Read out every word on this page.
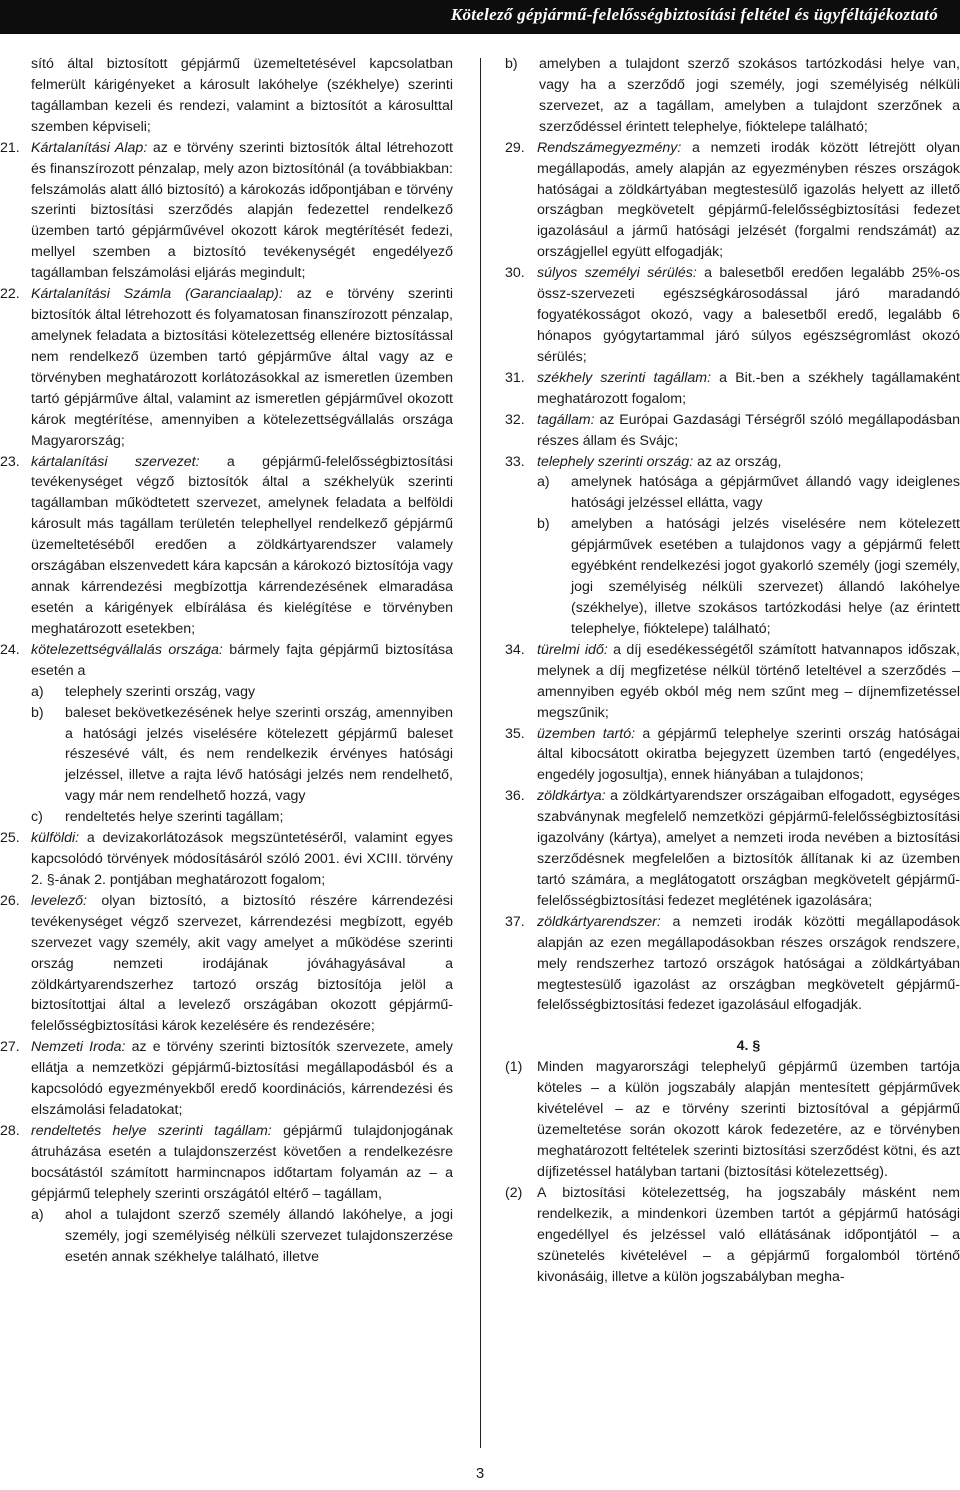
Kötelező gépjármű-felelősségbiztosítási feltétel és ügyféltájékoztató
sító által biztosított gépjármű üzemeltetésével kapcsolatban felmerült kárigényeket a károsult lakóhelye (székhelye) szerinti tagállamban kezeli és rendezi, valamint a biztosítót a károsulttal szemben képviseli;
21. Kártalanítási Alap: az e törvény szerinti biztosítók által létrehozott és finanszírozott pénzalap, mely azon biztosítónál (a továbbiakban: felszámolás alatt álló biztosító) a károkozás időpontjában e törvény szerinti biztosítási szerződés alapján fedezettel rendelkező üzemben tartó gépjárművével okozott károk megtérítését fedezi, mellyel szemben a biztosító tevékenységét engedélyező tagállamban felszámolási eljárás megindult;
22. Kártalanítási Számla (Garanciaalap): az e törvény szerinti biztosítók által létrehozott és folyamatosan finanszírozott pénzalap, amelynek feladata a biztosítási kötelezettség ellenére biztosítással nem rendelkező üzemben tartó gépjárműve által vagy az e törvényben meghatározott korlátozásokkal az ismeretlen üzemben tartó gépjárműve által, valamint az ismeretlen gépjárművel okozott károk megtérítése, amennyiben a kötelezettségvállalás országa Magyarország;
23. kártalanítási szervezet: a gépjármű-felelősségbiztosítási tevékenységet végző biztosítók által a székhelyük szerinti tagállamban működtetett szervezet, amelynek feladata a belföldi károsult más tagállam területén telephellyel rendelkező gépjármű üzemeltetéséből eredően a zöldkártyarendszer valamely országában elszenvedett kára kapcsán a károkozó biztosítója vagy annak kárrendezési megbízottja kárrendezésének elmaradása esetén a kárigények elbírálása és kielégítése e törvényben meghatározott esetekben;
24. kötelezettségvállalás országa: bármely fajta gépjármű biztosítása esetén a
a) telephely szerinti ország, vagy
b) baleset bekövetkezésének helye szerinti ország, amennyiben a hatósági jelzés viselésére kötelezett gépjármű baleset részesévé vált, és nem rendelkezik érvényes hatósági jelzéssel, illetve a rajta lévő hatósági jelzés nem rendelhető, vagy már nem rendelhető hozzá, vagy
c) rendeltetés helye szerinti tagállam;
25. külföldi: a devizakorlátozások megszüntetéséről, valamint egyes kapcsolódó törvények módosításáról szóló 2001. évi XCIII. törvény 2. §-ának 2. pontjában meghatározott fogalom;
26. levelező: olyan biztosító, a biztosító részére kárrendezési tevékenységet végző szervezet, kárrendezési megbízott, egyéb szervezet vagy személy, akit vagy amelyet a működése szerinti ország nemzeti irodájának jóváhagyásával a zöldkártyarendszerhez tartozó ország biztosítója jelöl a biztosítottjai által a levelező országában okozott gépjármű-felelősségbiztosítási károk kezelésére és rendezésére;
27. Nemzeti Iroda: az e törvény szerinti biztosítók szervezete, amely ellátja a nemzetközi gépjármű-biztosítási megállapodásból és a kapcsolódó egyezményekből eredő koordinációs, kárrendezési és elszámolási feladatokat;
28. rendeltetés helye szerinti tagállam: gépjármű tulajdonjogának átruházása esetén a tulajdonszerzést követően a rendelkezésre bocsátástól számított harmincnapos időtartam folyamán az – a gépjármű telephely szerinti országától eltérő – tagállam,
a) ahol a tulajdont szerző személy állandó lakóhelye, a jogi személy, jogi személyiség nélküli szervezet tulajdonszerzése esetén annak székhelye található, illetve
b) amelyben a tulajdont szerző szokásos tartózkodási helye van, vagy ha a szerződő jogi személy, jogi személyiség nélküli szervezet, az a tagállam, amelyben a tulajdont szerzőnek a szerződéssel érintett telephelye, fióktelepe található;
29. Rendszámegyezmény: a nemzeti irodák között létrejött olyan megállapodás, amely alapján az egyezményben részes országok hatóságai a zöldkártyában megtestesülő igazolás helyett az illető országban megkövetelt gépjármű-felelősségbiztosítási fedezet igazolásául a jármű hatósági jelzését (forgalmi rendszámát) az országjellel együtt elfogadják;
30. súlyos személyi sérülés: a balesetből eredően legalább 25%-os össz-szervezeti egészségkárosodással járó maradandó fogyatékosságot okozó, vagy a balesetből eredő, legalább 6 hónapos gyógytartammal járó súlyos egészségromlást okozó sérülés;
31. székhely szerinti tagállam: a Bit.-ben a székhely tagállamaként meghatározott fogalom;
32. tagállam: az Európai Gazdasági Térségről szóló megállapodásban részes állam és Svájc;
33. telephely szerinti ország: az az ország,
a) amelynek hatósága a gépjárművet állandó vagy ideiglenes hatósági jelzéssel ellátta, vagy
b) amelyben a hatósági jelzés viselésére nem kötelezett gépjárművek esetében a tulajdonos vagy a gépjármű felett egyébként rendelkezési jogot gyakorló személy (jogi személy, jogi személyiség nélküli szervezet) állandó lakóhelye (székhelye), illetve szokásos tartózkodási helye (az érintett telephelye, fióktelepe) található;
34. türelmi idő: a díj esedékességétől számított hatvannapos időszak, melynek a díj megfizetése nélkül történő leteltével a szerződés – amennyiben egyéb okból még nem szűnt meg – díjnemfizetéssel megszűnik;
35. üzemben tartó: a gépjármű telephelye szerinti ország hatóságai által kibocsátott okiratba bejegyzett üzemben tartó (engedélyes, engedély jogosultja), ennek hiányában a tulajdonos;
36. zöldkártya: a zöldkártyarendszer országaiban elfogadott, egységes szabványnak megfelelő nemzetközi gépjármű-felelősségbiztosítási igazolvány (kártya), amelyet a nemzeti iroda nevében a biztosítási szerződésnek megfelelően a biztosítók állítanak ki az üzemben tartó számára, a meglátogatott országban megkövetelt gépjármű-felelősségbiztosítási fedezet meglétének igazolására;
37. zöldkártyarendszer: a nemzeti irodák közötti megállapodások alapján az ezen megállapodásokban részes országok rendszere, mely rendszerhez tartozó országok hatóságai a zöldkártyában megtestesülő igazolást az országban megkövetelt gépjármű-felelősségbiztosítási fedezet igazolásául elfogadják.
4. §
(1) Minden magyarországi telephelyű gépjármű üzemben tartója köteles – a külön jogszabály alapján mentesített gépjárművek kivételével – az e törvény szerinti biztosítóval a gépjármű üzemeltetése során okozott károk fedezetére, az e törvényben meghatározott feltételek szerinti biztosítási szerződést kötni, és azt díjfizetéssel hatályban tartani (biztosítási kötelezettség).
(2) A biztosítási kötelezettség, ha jogszabály másként nem rendelkezik, a mindenkori üzemben tartót a gépjármű hatósági engedéllyel és jelzéssel való ellátásának időpontjától – a szünetelés kivételével – a gépjármű forgalomból történő kivonásáig, illetve a külön jogszabályban megha-
3
